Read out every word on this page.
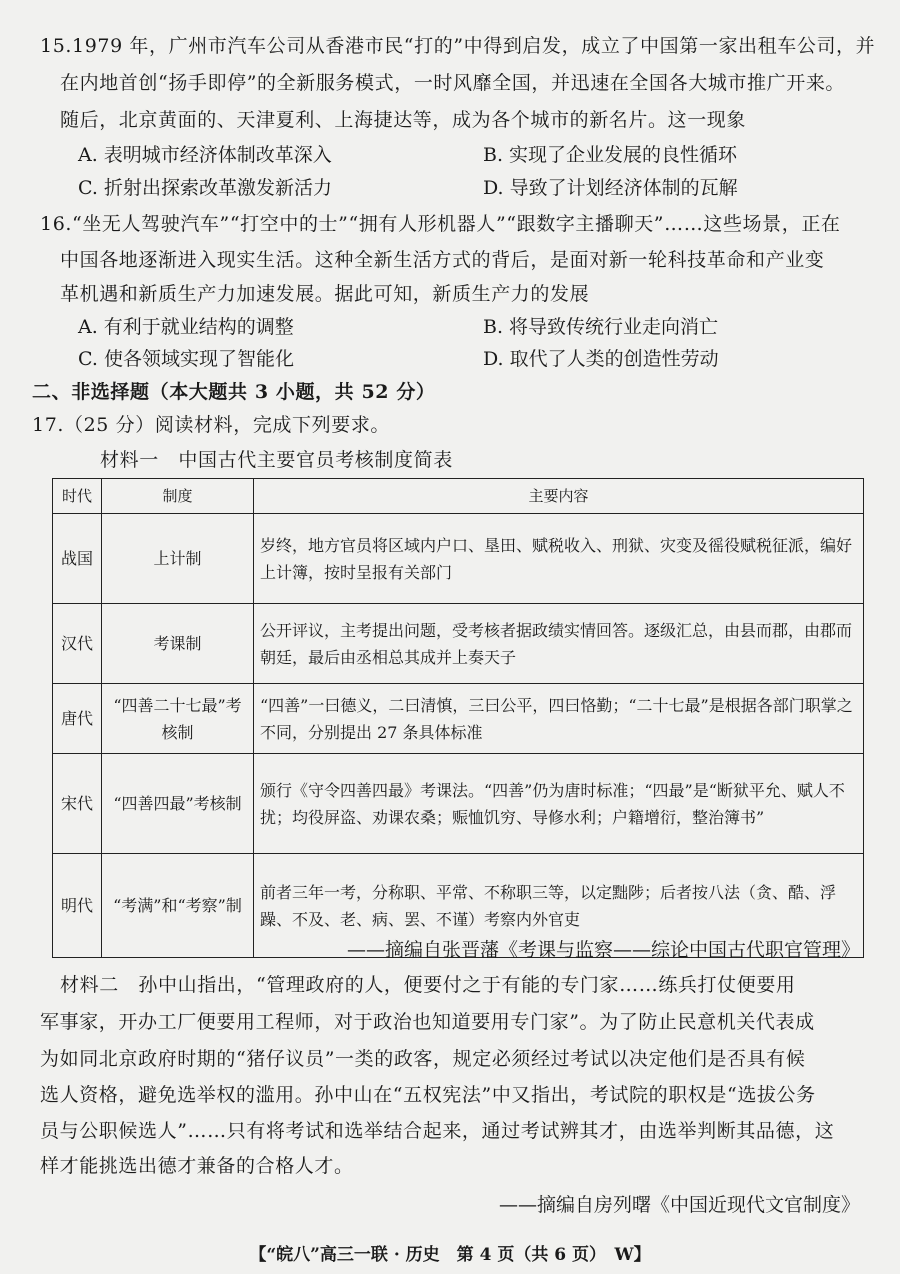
15.1979 年，广州市汽车公司从香港市民“打的”中得到启发，成立了中国第一家出租车公司，并
在内地首创“扬手即停”的全新服务模式，一时风靡全国，并迅速在全国各大城市推广开来。
随后，北京黄面的、天津夏利、上海捷达等，成为各个城市的新名片。这一现象
A. 表明城市经济体制改革深入	B. 实现了企业发展的良性循环
C. 折射出探索改革激发新活力	D. 导致了计划经济体制的瓦解
16.“坐无人驾驶汽车”“打空中的士”“拥有人形机器人”“跟数字主播聊天”……这些场景，正在
中国各地逐渐进入现实生活。这种全新生活方式的背后，是面对新一轮科技革命和产业变
革机遇和新质生产力加速发展。据此可知，新质生产力的发展
A. 有利于就业结构的调整	B. 将导致传统行业走向消亡
C. 使各领域实现了智能化	D. 取代了人类的创造性劳动
二、非选择题（本大题共 3 小题，共 52 分）
17.（25 分）阅读材料，完成下列要求。
材料一　中国古代主要官员考核制度简表
时代	制度	主要内容
战国	上计制	岁终，地方官员将区域内户口、垦田、赋税收入、刑狱、灾变及徭役赋税征派，编好上计簿，按时呈报有关部门
汉代	考课制	公开评议，主考提出问题，受考核者据政绩实情回答。逐级汇总，由县而郡，由郡而朝廷，最后由丞相总其成并上奏天子
唐代	“四善二十七最”考核制	“四善”一曰德义，二曰清慎，三曰公平，四曰恪勤；“二十七最”是根据各部门职掌之不同，分别提出 27 条具体标准
宋代	“四善四最”考核制	颁行《守令四善四最》考课法。“四善”仍为唐时标准；“四最”是“断狱平允、赋人不扰；均役屏盗、劝课农桑；赈恤饥穷、导修水利；户籍增衍，整治簿书”
明代	“考满”和“考察”制	前者三年一考，分称职、平常、不称职三等，以定黜陟；后者按八法（贪、酷、浮躁、不及、老、病、罢、不谨）考察内外官吏
——摘编自张晋藩《考课与监察——综论中国古代职官管理》
材料二　孙中山指出，“管理政府的人，便要付之于有能的专门家……练兵打仗便要用
军事家，开办工厂便要用工程师，对于政治也知道要用专门家”。为了防止民意机关代表成
为如同北京政府时期的“猪仔议员”一类的政客，规定必须经过考试以决定他们是否具有候
选人资格，避免选举权的滥用。孙中山在“五权宪法”中又指出，考试院的职权是“选拔公务
员与公职候选人”……只有将考试和选举结合起来，通过考试辨其才，由选举判断其品德，这
样才能挑选出德才兼备的合格人才。
——摘编自房列曙《中国近现代文官制度》
【“皖八”高三一联 · 历史　第 4 页（共 6 页）　W】
